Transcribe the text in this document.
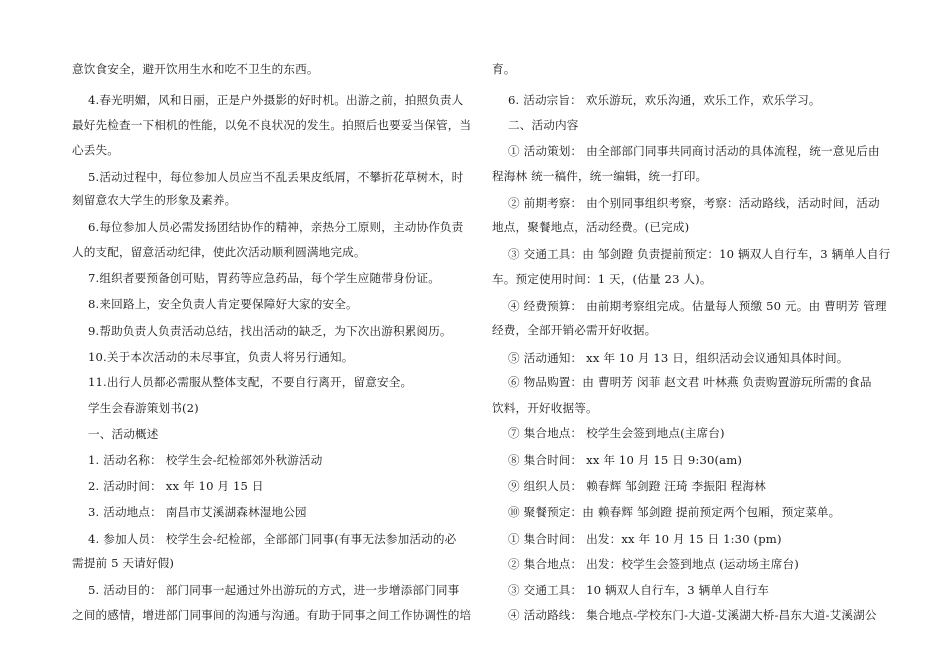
意饮食安全，避开饮用生水和吃不卫生的东西。
4.春光明媚，风和日丽，正是户外摄影的好时机。出游之前，拍照负责人
最好先检查一下相机的性能，以免不良状况的发生。拍照后也要妥当保管，当
心丢失。
5.活动过程中，每位参加人员应当不乱丢果皮纸屑，不攀折花草树木，时
刻留意农大学生的形象及素养。
6.每位参加人员必需发扬团结协作的精神，亲热分工原则，主动协作负责
人的支配，留意活动纪律，使此次活动顺利圆满地完成。
7.组织者要预备创可贴，胃药等应急药品，每个学生应随带身份证。
8.来回路上，安全负责人肯定要保障好大家的安全。
9.帮助负责人负责活动总结，找出活动的缺乏，为下次出游积累阅历。
10.关于本次活动的未尽事宜，负责人将另行通知。
11.出行人员都必需服从整体支配，不要自行离开，留意安全。
学生会春游策划书(2)
一、活动概述
1. 活动名称： 校学生会-纪检部郊外秋游活动
2. 活动时间： xx 年 10 月 15 日
3. 活动地点： 南昌市艾溪湖森林湿地公园
4. 参加人员： 校学生会-纪检部，全部部门同事(有事无法参加活动的必
需提前 5 天请好假)
5. 活动目的： 部门同事一起通过外出游玩的方式，进一步增添部门同事
之间的感情，增进部门同事间的沟通与沟通。有助于同事之间工作协调性的培
育。
6. 活动宗旨： 欢乐游玩，欢乐沟通，欢乐工作，欢乐学习。
二、活动内容
① 活动策划： 由全部部门同事共同商讨活动的具体流程，统一意见后由
程海林 统一稿件，统一编辑，统一打印。
② 前期考察： 由个别同事组织考察，考察：活动路线，活动时间，活动
地点，聚餐地点，活动经费。(已完成)
③ 交通工具：由 邹剑蹬 负责提前预定：10 辆双人自行车，3 辆单人自行
车。预定使用时间：1 天，(估量 23 人)。
④ 经费预算： 由前期考察组完成。估量每人预缴 50 元。由 曹明芳 管理
经费，全部开销必需开好收据。
⑤ 活动通知： xx 年 10 月 13 日，组织活动会议通知具体时间。
⑥ 物品购置：由 曹明芳 闵菲 赵文君 叶林燕 负责购置游玩所需的食品
饮料，开好收据等。
⑦ 集合地点： 校学生会签到地点(主席台)
⑧ 集合时间： xx 年 10 月 15 日 9:30(am)
⑨ 组织人员： 赖春辉 邹剑蹬 汪琦 李振阳 程海林
⑩ 聚餐预定：由 赖春辉 邹剑蹬 提前预定两个包厢，预定菜单。
① 集合时间： 出发：xx 年 10 月 15 日 1:30 (pm)
② 集合地点： 出发：校学生会签到地点 (运动场主席台)
③ 交通工具： 10 辆双人自行车，3 辆单人自行车
④ 活动路线： 集合地点-学校东门-大道-艾溪湖大桥-昌东大道-艾溪湖公
